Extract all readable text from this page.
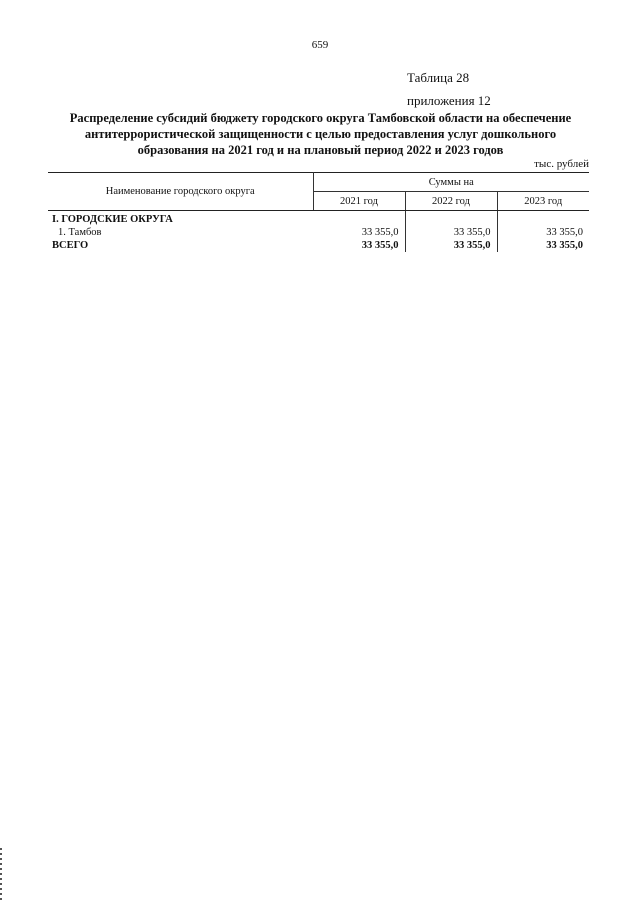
659
Таблица 28
приложения 12
Распределение субсидий бюджету городского округа Тамбовской области на обеспечение
антитеррористической защищенности с целью предоставления услуг дошкольного
образования на 2021 год и на плановый период 2022 и 2023 годов
тыс. рублей
Наименование городского округа	Суммы на		
	2021 год	2022 год	2023 год
I. ГОРОДСКИЕ ОКРУГА			
1. Тамбов	33 355,0	33 355,0	33 355,0
ВСЕГО	33 355,0	33 355,0	33 355,0
